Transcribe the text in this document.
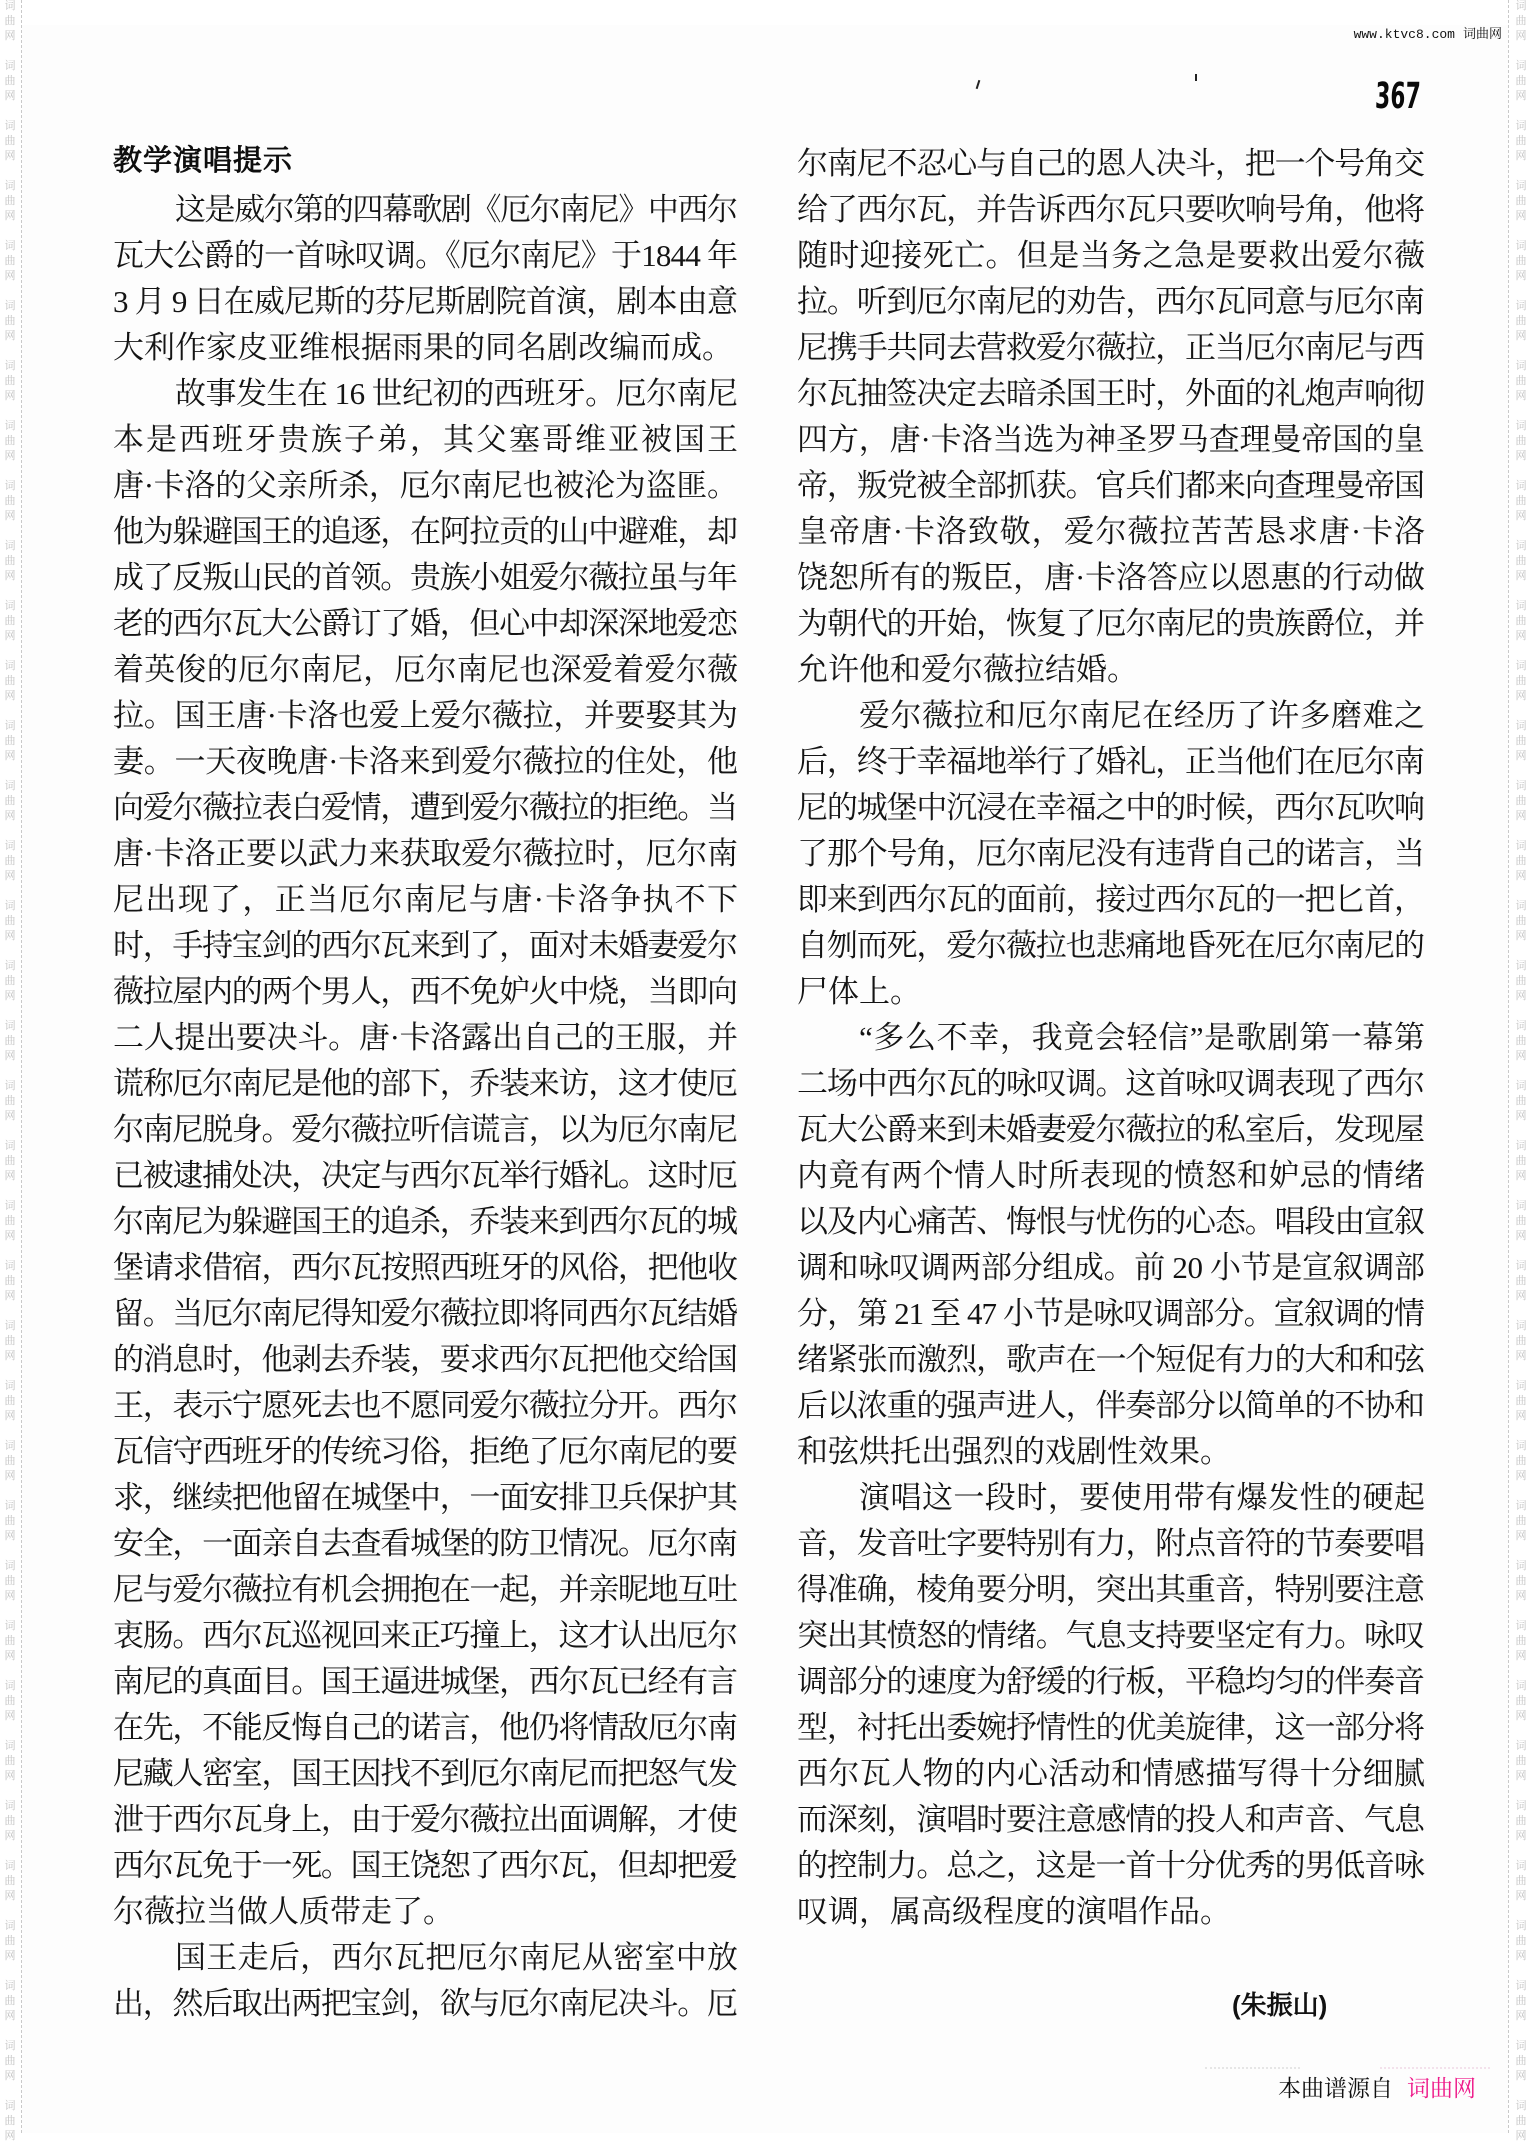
词
曲
网
词
曲
网
词
曲
网
词
曲
网
词
曲
网
词
曲
网
词
曲
网
词
曲
网
词
曲
网
词
曲
网
词
曲
网
词
曲
网
词
曲
网
词
曲
网
词
曲
网
词
曲
网
词
曲
网
词
曲
网
词
曲
网
词
曲
网
词
曲
网
词
曲
网
词
曲
网
词
曲
网
词
曲
网
词
曲
网
词
曲
网
词
曲
网
词
曲
网
词
曲
网
词
曲
网
词
曲
网
词
曲
网
词
曲
网
词
曲
网
词
曲
网
词
曲
网
词
曲
网
词
曲
网
词
曲
网
词
曲
网
词
曲
网
词
曲
网
词
曲
网
词
曲
网
词
曲
网
词
曲
网
词
曲
网
词
曲
网
词
曲
网
词
曲
网
词
曲
网
词
曲
网
词
曲
网
词
曲
网
词
曲
网
词
曲
网
词
曲
网
词
曲
网
词
曲
网
词
曲
网
词
曲
网
词
曲
网
词
曲
网
词
曲
网
词
曲
网
词
曲
网
词
曲
网
词
曲
网
词
曲
网
词
曲
网
词
曲
网
www.ktvc8.com 词曲网
367
教学演唱提示
这是威尔第的四幕歌剧《厄尔南尼》中西尔
瓦大公爵的一首咏叹调。《厄尔南尼》于1844 年
3 月 9 日在威尼斯的芬尼斯剧院首演，剧本由意
大利作家皮亚维根据雨果的同名剧改编而成。
故事发生在 16 世纪初的西班牙。厄尔南尼
本是西班牙贵族子弟，其父塞哥维亚被国王
唐·卡洛的父亲所杀，厄尔南尼也被沦为盗匪。
他为躲避国王的追逐，在阿拉贡的山中避难，却
成了反叛山民的首领。贵族小姐爱尔薇拉虽与年
老的西尔瓦大公爵订了婚，但心中却深深地爱恋
着英俊的厄尔南尼，厄尔南尼也深爱着爱尔薇
拉。国王唐·卡洛也爱上爱尔薇拉，并要娶其为
妻。一天夜晚唐·卡洛来到爱尔薇拉的住处，他
向爱尔薇拉表白爱情，遭到爱尔薇拉的拒绝。当
唐·卡洛正要以武力来获取爱尔薇拉时，厄尔南
尼出现了，正当厄尔南尼与唐·卡洛争执不下
时，手持宝剑的西尔瓦来到了，面对未婚妻爱尔
薇拉屋内的两个男人，西不免妒火中烧，当即向
二人提出要决斗。唐·卡洛露出自己的王服，并
谎称厄尔南尼是他的部下，乔装来访，这才使厄
尔南尼脱身。爱尔薇拉听信谎言，以为厄尔南尼
已被逮捕处决，决定与西尔瓦举行婚礼。这时厄
尔南尼为躲避国王的追杀，乔装来到西尔瓦的城
堡请求借宿，西尔瓦按照西班牙的风俗，把他收
留。当厄尔南尼得知爱尔薇拉即将同西尔瓦结婚
的消息时，他剥去乔装，要求西尔瓦把他交给国
王，表示宁愿死去也不愿同爱尔薇拉分开。西尔
瓦信守西班牙的传统习俗，拒绝了厄尔南尼的要
求，继续把他留在城堡中，一面安排卫兵保护其
安全，一面亲自去查看城堡的防卫情况。厄尔南
尼与爱尔薇拉有机会拥抱在一起，并亲昵地互吐
衷肠。西尔瓦巡视回来正巧撞上，这才认出厄尔
南尼的真面目。国王逼进城堡，西尔瓦已经有言
在先，不能反悔自己的诺言，他仍将情敌厄尔南
尼藏人密室，国王因找不到厄尔南尼而把怒气发
泄于西尔瓦身上，由于爱尔薇拉出面调解，才使
西尔瓦免于一死。国王饶恕了西尔瓦，但却把爱
尔薇拉当做人质带走了。
国王走后，西尔瓦把厄尔南尼从密室中放
出，然后取出两把宝剑，欲与厄尔南尼决斗。厄
尔南尼不忍心与自己的恩人决斗，把一个号角交
给了西尔瓦，并告诉西尔瓦只要吹响号角，他将
随时迎接死亡。但是当务之急是要救出爱尔薇
拉。听到厄尔南尼的劝告，西尔瓦同意与厄尔南
尼携手共同去营救爱尔薇拉，正当厄尔南尼与西
尔瓦抽签决定去暗杀国王时，外面的礼炮声响彻
四方，唐·卡洛当选为神圣罗马查理曼帝国的皇
帝，叛党被全部抓获。官兵们都来向查理曼帝国
皇帝唐·卡洛致敬，爱尔薇拉苦苦恳求唐·卡洛
饶恕所有的叛臣，唐·卡洛答应以恩惠的行动做
为朝代的开始，恢复了厄尔南尼的贵族爵位，并
允许他和爱尔薇拉结婚。
爱尔薇拉和厄尔南尼在经历了许多磨难之
后，终于幸福地举行了婚礼，正当他们在厄尔南
尼的城堡中沉浸在幸福之中的时候，西尔瓦吹响
了那个号角，厄尔南尼没有违背自己的诺言，当
即来到西尔瓦的面前，接过西尔瓦的一把匕首，
自刎而死，爱尔薇拉也悲痛地昏死在厄尔南尼的
尸体上。
“多么不幸，我竟会轻信”是歌剧第一幕第
二场中西尔瓦的咏叹调。这首咏叹调表现了西尔
瓦大公爵来到未婚妻爱尔薇拉的私室后，发现屋
内竟有两个情人时所表现的愤怒和妒忌的情绪
以及内心痛苦、悔恨与忧伤的心态。唱段由宣叙
调和咏叹调两部分组成。前 20 小节是宣叙调部
分，第 21 至 47 小节是咏叹调部分。宣叙调的情
绪紧张而激烈，歌声在一个短促有力的大和和弦
后以浓重的强声进人，伴奏部分以简单的不协和
和弦烘托出强烈的戏剧性效果。
演唱这一段时，要使用带有爆发性的硬起
音，发音吐字要特别有力，附点音符的节奏要唱
得准确，棱角要分明，突出其重音，特别要注意
突出其愤怒的情绪。气息支持要坚定有力。咏叹
调部分的速度为舒缓的行板，平稳均匀的伴奏音
型，衬托出委婉抒情性的优美旋律，这一部分将
西尔瓦人物的内心活动和情感描写得十分细腻
而深刻，演唱时要注意感情的投人和声音、气息
的控制力。总之，这是一首十分优秀的男低音咏
叹调，属高级程度的演唱作品。
(朱振山)
本曲谱源自 词曲网
